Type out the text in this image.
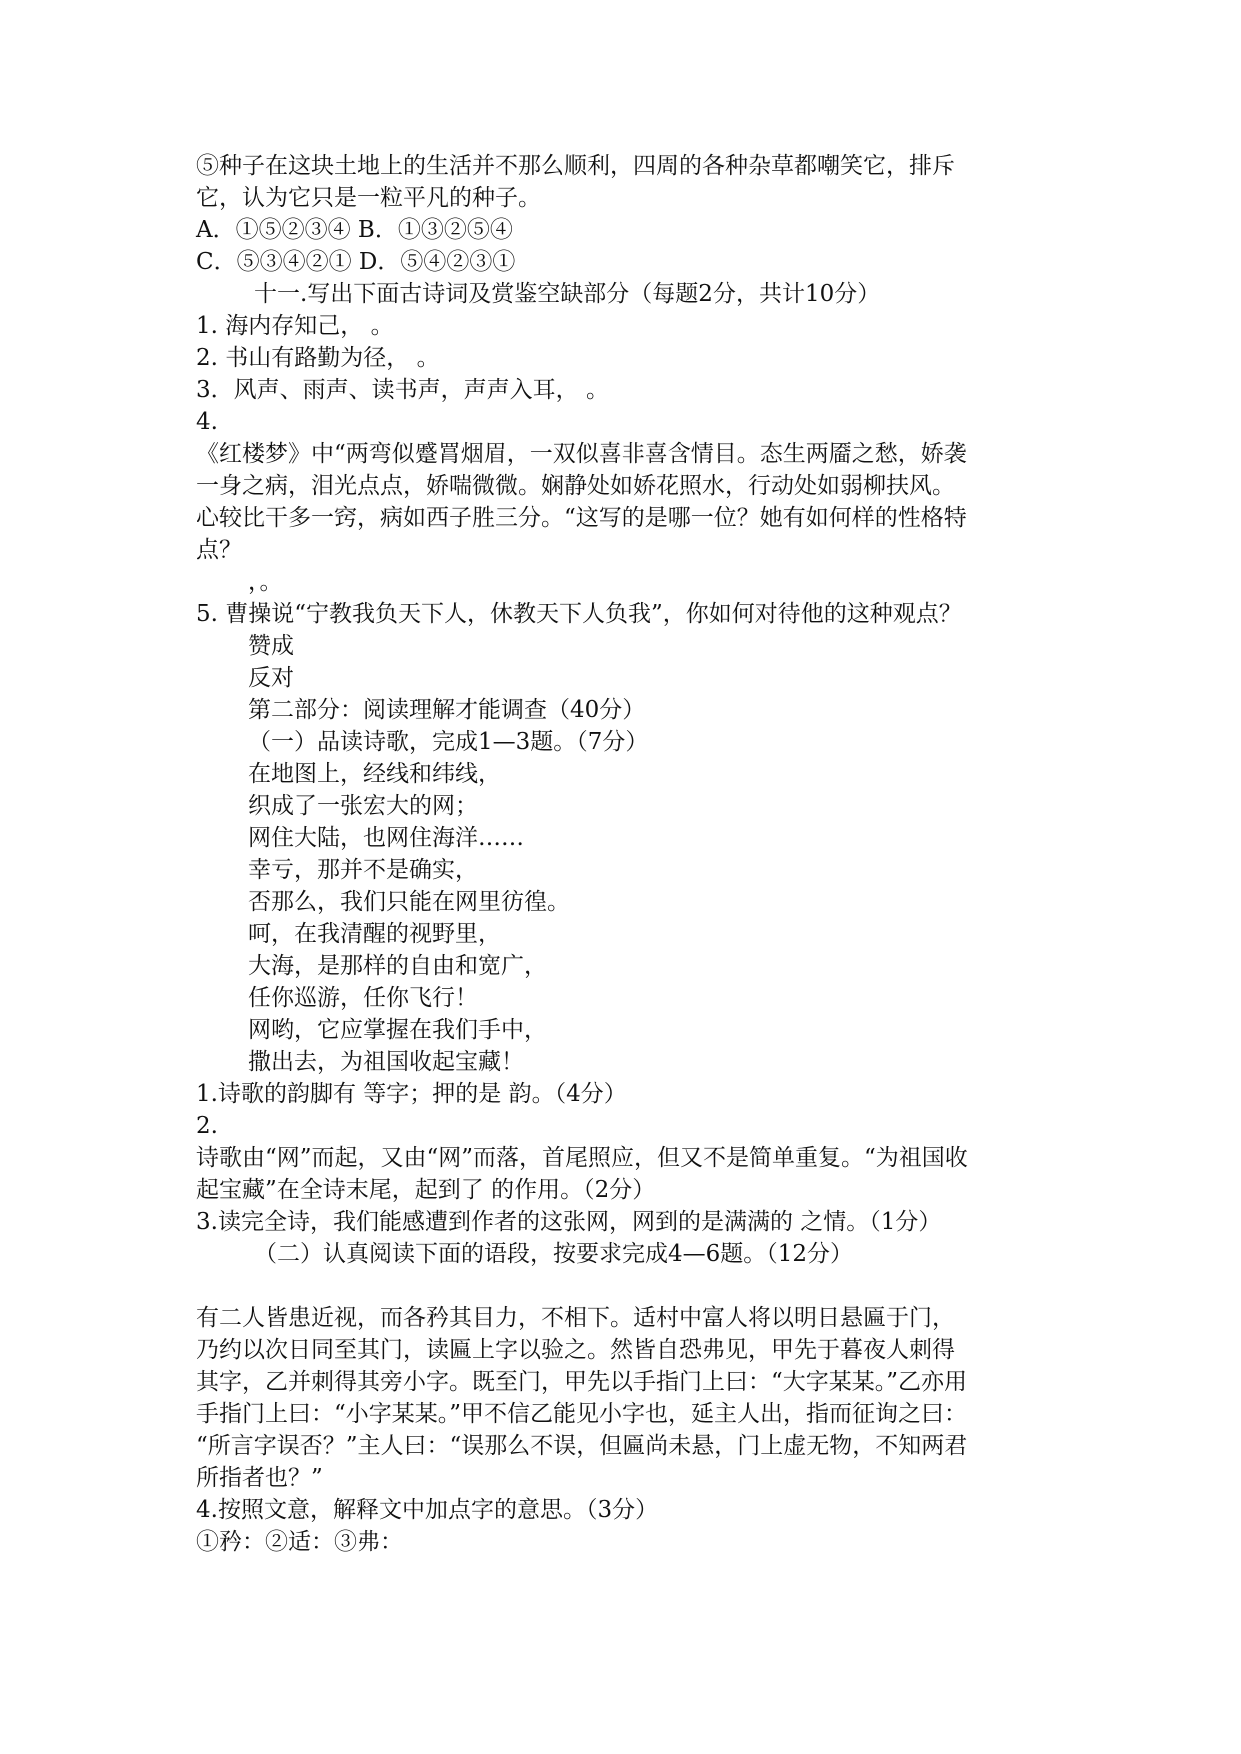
⑤种子在这块土地上的生活并不那么顺利，四周的各种杂草都嘲笑它，排斥
它，认为它只是一粒平凡的种子。
A．①⑤②③④ B．①③②⑤④
C．⑤③④②① D．⑤④②③①
十一.写出下面古诗词及赏鉴空缺部分（每题2分，共计10分）
1. 海内存知己， 。
2. 书山有路勤为径， 。
3．风声、雨声、读书声，声声入耳， 。
4.
《红楼梦》中“两弯似蹙罥烟眉，一双似喜非喜含情目。态生两靥之愁，娇袭
一身之病，泪光点点，娇喘微微。娴静处如娇花照水，行动处如弱柳扶风。
心较比干多一窍，病如西子胜三分。“这写的是哪一位？她有如何样的性格特
点？
，。
5. 曹操说“宁教我负天下人，休教天下人负我”，你如何对待他的这种观点？
赞成
反对
第二部分：阅读理解才能调查（40分）
（一）品读诗歌，完成1—3题。（7分）
在地图上，经线和纬线，
织成了一张宏大的网；
网住大陆，也网住海洋……
幸亏，那并不是确实，
否那么，我们只能在网里彷徨。
呵，在我清醒的视野里，
大海，是那样的自由和宽广，
任你巡游，任你飞行！
网哟，它应掌握在我们手中，
撒出去，为祖国收起宝藏！
1.诗歌的韵脚有 等字；押的是 韵。（4分）
2.
诗歌由“网”而起，又由“网”而落，首尾照应，但又不是简单重复。“为祖国收
起宝藏”在全诗末尾，起到了 的作用。（2分）
3.读完全诗，我们能感遭到作者的这张网，网到的是满满的 之情。（1分）
（二）认真阅读下面的语段，按要求完成4—6题。（12分）
有二人皆患近视，而各矜其目力，不相下。适村中富人将以明日悬匾于门，
乃约以次日同至其门，读匾上字以验之。然皆自恐弗见，甲先于暮夜人刺得
其字，乙并刺得其旁小字。既至门，甲先以手指门上曰：“大字某某。”乙亦用
手指门上曰：“小字某某。”甲不信乙能见小字也，延主人出，指而征询之曰：
“所言字误否？”主人曰：“误那么不误，但匾尚未悬，门上虚无物，不知两君
所指者也？”
4.按照文意，解释文中加点字的意思。（3分）
①矜：②适：③弗：
